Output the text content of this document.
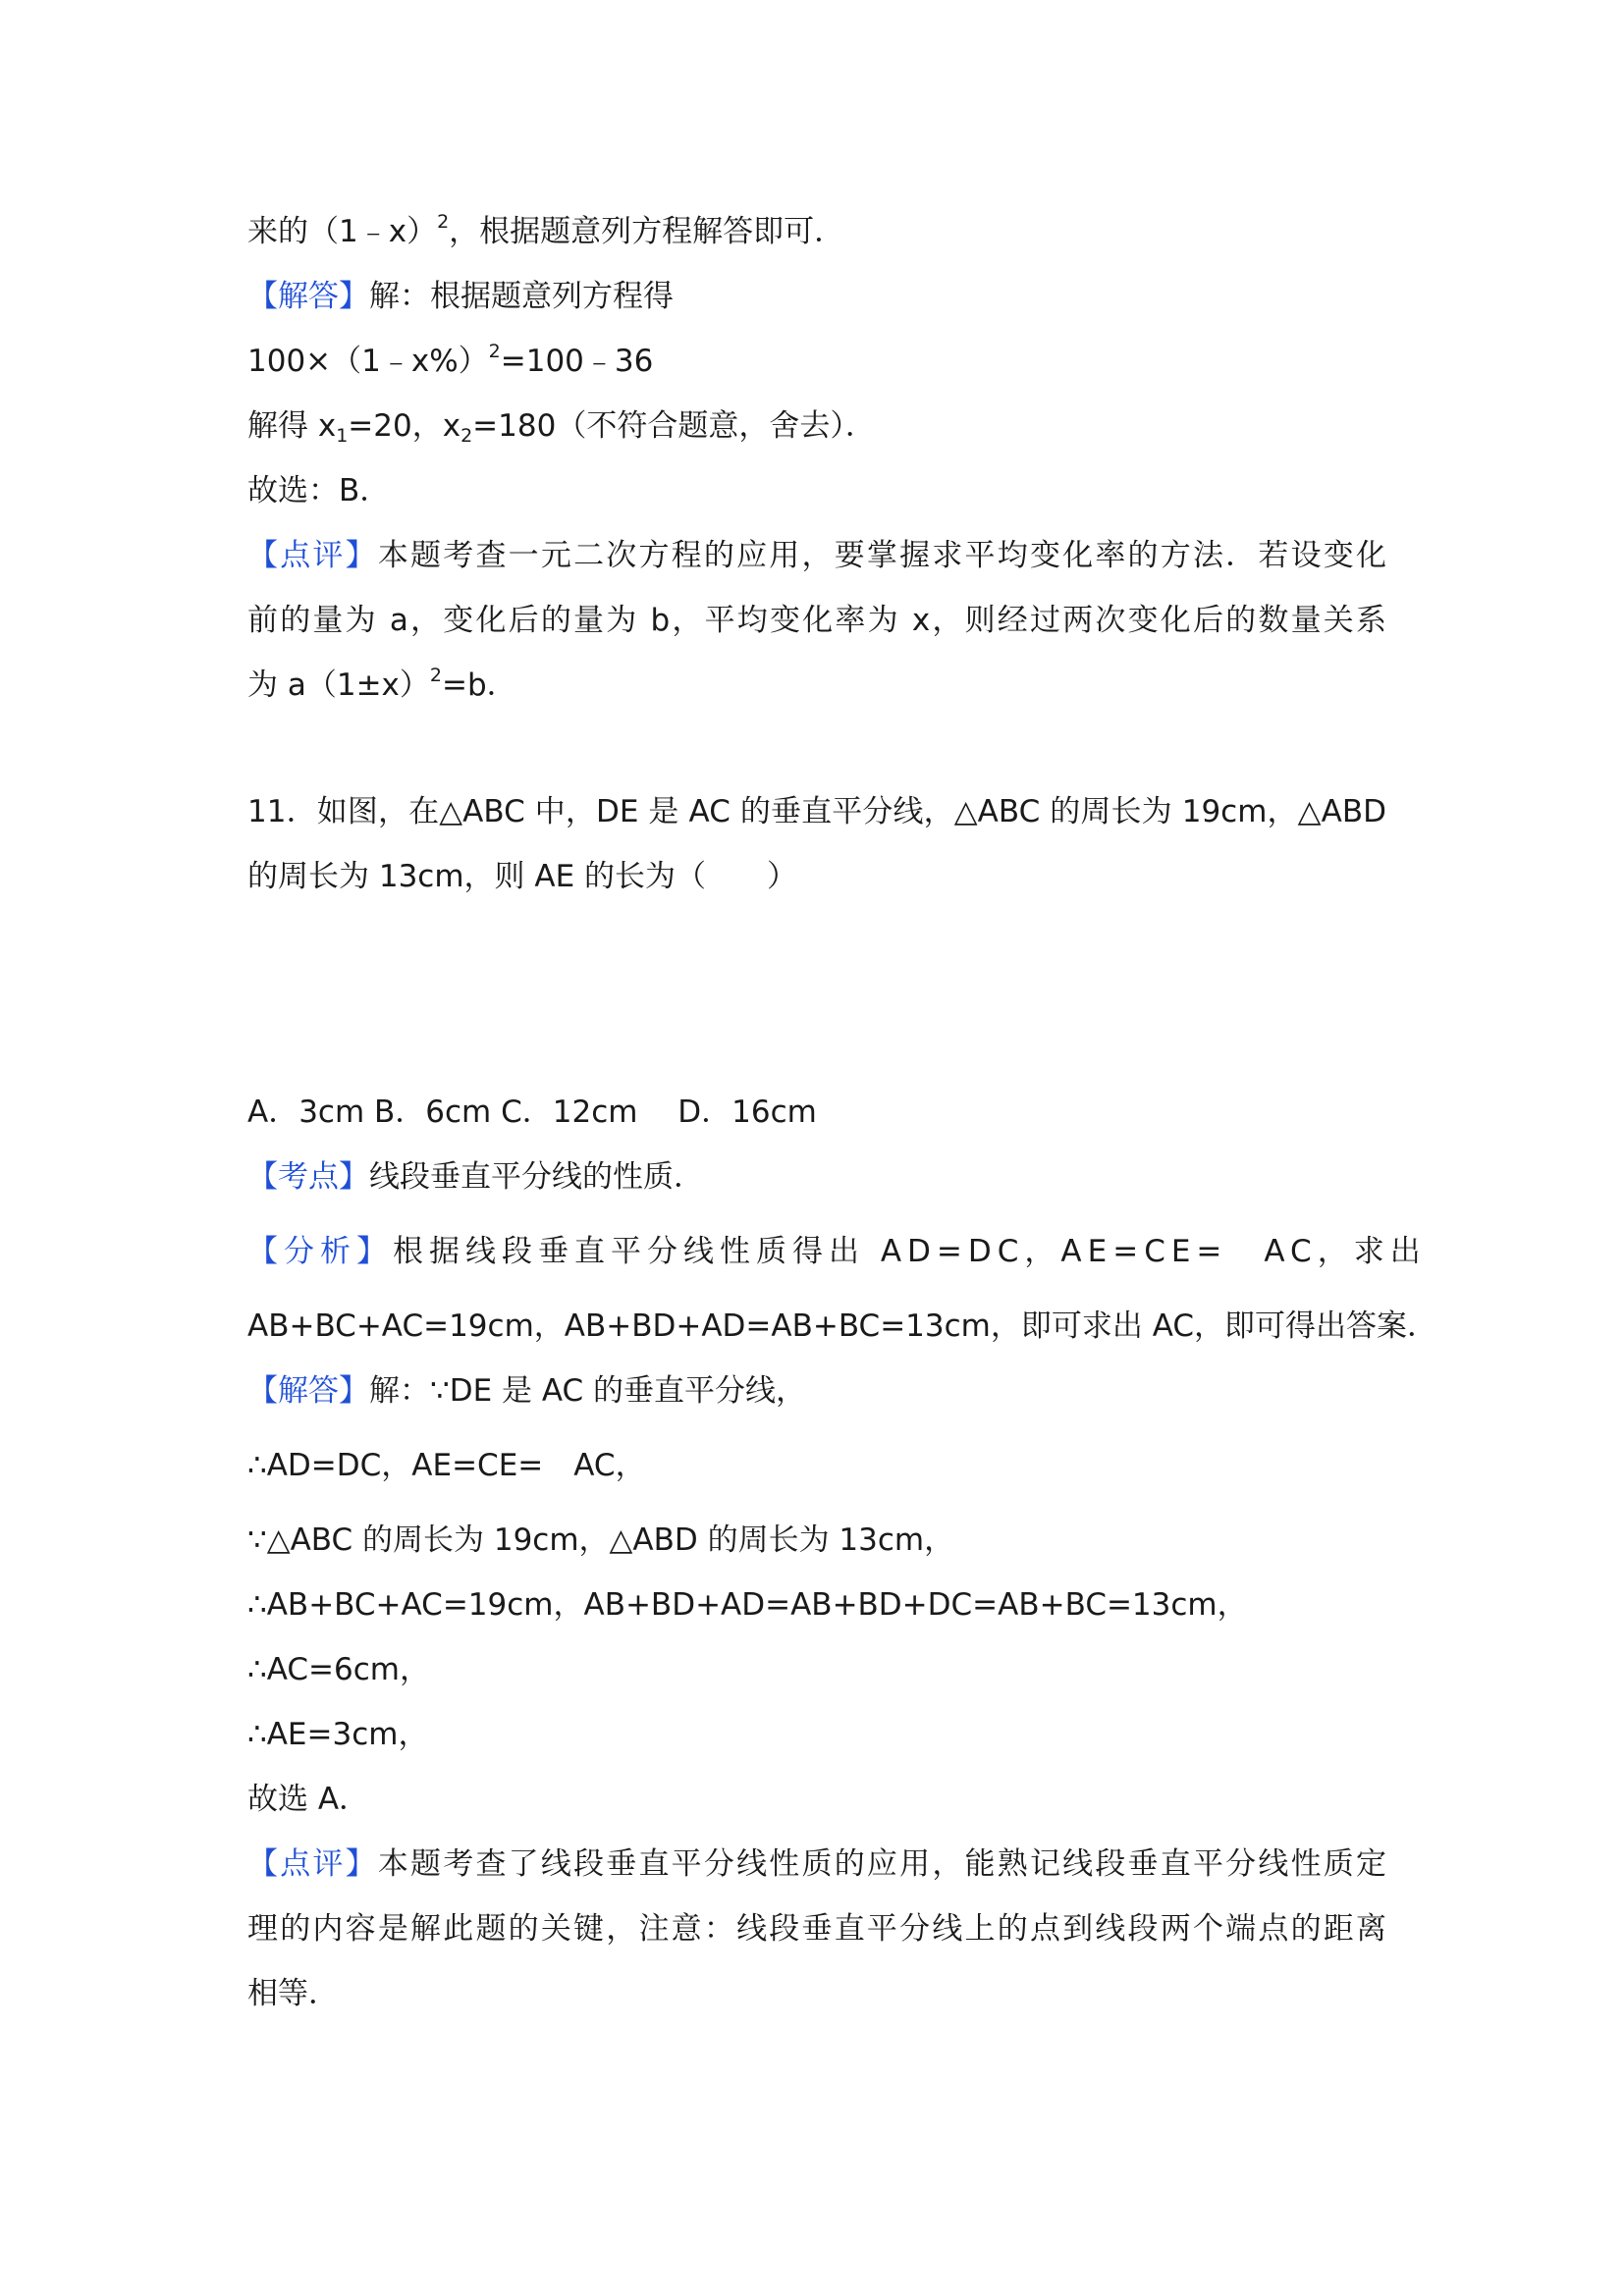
来的（1﹣x）$^2$，根据题意列方程解答即可．
【解答】解：根据题意列方程得
100×（1﹣x%）$^2$=100﹣36
解得 $x_1=20$，$x_2=180$（不符合题意，舍去）．
故选：B．
【点评】本题考查一元二次方程的应用，要掌握求平均变化率的方法．若设变化
前的量为 a，变化后的量为 b，平均变化率为 x，则经过两次变化后的数量关系
为 $a(1\pm x)^2=b$．
11．如图，在△ABC 中，DE 是 AC 的垂直平分线，△ABC 的周长为 19cm，△ABD
的周长为 13cm，则 AE 的长为（　　）
A．3cm B．6cm C．12cm　 D．16cm
【考点】线段垂直平分线的性质．
【分析】根据线段垂直平分线性质得出 AD=DC，AE=CE=　AC，求出
AB+BC+AC=19cm，AB+BD+AD=AB+BC=13cm，即可求出 AC，即可得出答案．
【解答】解：∵DE 是 AC 的垂直平分线，
∴AD=DC，AE=CE=　AC，
∵△ABC 的周长为 19cm，△ABD 的周长为 13cm，
∴AB+BC+AC=19cm，AB+BD+AD=AB+BD+DC=AB+BC=13cm，
∴AC=6cm，
∴AE=3cm，
故选 A．
【点评】本题考查了线段垂直平分线性质的应用，能熟记线段垂直平分线性质定
理的内容是解此题的关键，注意：线段垂直平分线上的点到线段两个端点的距离
相等．
